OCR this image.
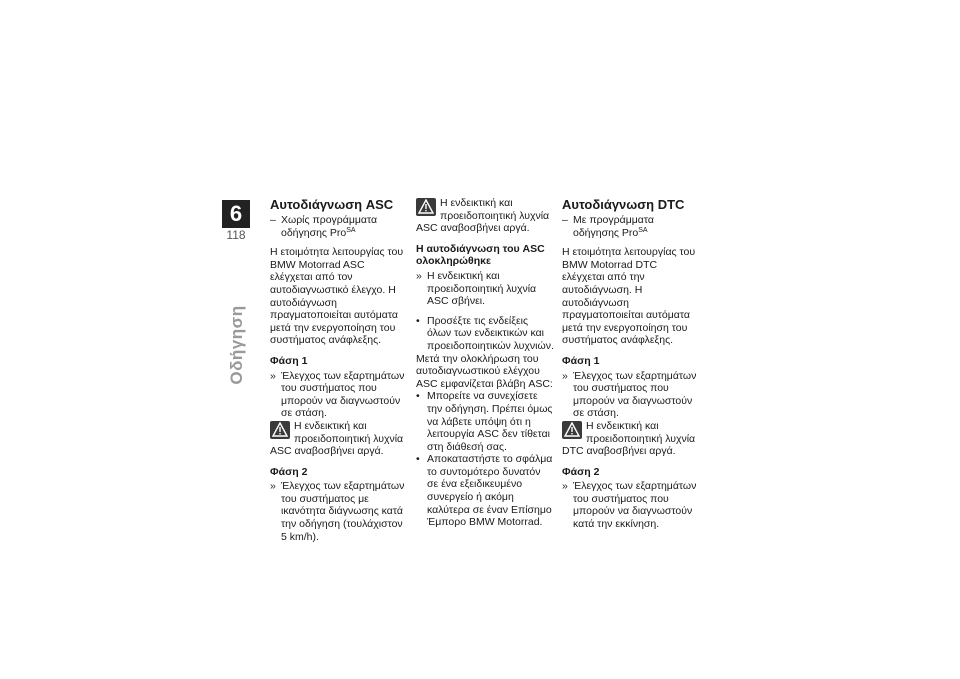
6
118
Οδήγηση
Αυτοδιάγνωση ASC
– Χωρίς προγράμματα οδήγησης Pro$^{SA}$

Η ετοιμότητα λειτουργίας του BMW Motorrad ASC ελέγχεται από τον αυτοδιαγνωστικό έλεγχο. Η αυτοδιάγνωση πραγματοποιείται αυτόματα μετά την ενεργοποίηση του συστήματος ανάφλεξης.

Φάση 1
» Έλεγχος των εξαρτημάτων του συστήματος που μπορούν να διαγνωστούν σε στάση.
Η ενδεικτική και προειδοποιητική λυχνία ASC αναβοσβήνει αργά.
Φάση 2
» Έλεγχος των εξαρτημάτων του συστήματος με ικανότητα διάγνωσης κατά την οδήγηση (τουλάχιστον 5 km/h).
Η ενδεικτική και προειδοποιητική λυχνία ASC αναβοσβήνει αργά.
Η αυτοδιάγνωση του ASC ολοκληρώθηκε
» Η ενδεικτική και προειδοποιητική λυχνία ASC σβήνει.
• Προσέξτε τις ενδείξεις όλων των ενδεικτικών και προειδοποιητικών λυχνιών.

Μετά την ολοκλήρωση του αυτοδιαγνωστικού ελέγχου ASC εμφανίζεται βλάβη ASC:

• Μπορείτε να συνεχίσετε την οδήγηση. Πρέπει όμως να λάβετε υπόψη ότι η λειτουργία ASC δεν τίθεται στη διάθεσή σας.
• Αποκαταστήστε το σφάλμα το συντομότερο δυνατόν σε ένα εξειδικευμένο συνεργείο ή ακόμη καλύτερα σε έναν Επίσημο Έμπορο BMW Motorrad.
Αυτοδιάγνωση DTC
– Με προγράμματα οδήγησης Pro$^{SA}$

Η ετοιμότητα λειτουργίας του BMW Motorrad DTC ελέγχεται από την αυτοδιάγνωση. Η αυτοδιάγνωση πραγματοποιείται αυτόματα μετά την ενεργοποίηση του συστήματος ανάφλεξης.

Φάση 1
» Έλεγχος των εξαρτημάτων του συστήματος που μπορούν να διαγνωστούν σε στάση.
Η ενδεικτική και προειδοποιητική λυχνία DTC αναβοσβήνει αργά.
Φάση 2
» Έλεγχος των εξαρτημάτων του συστήματος που μπορούν να διαγνωστούν κατά την εκκίνηση.
